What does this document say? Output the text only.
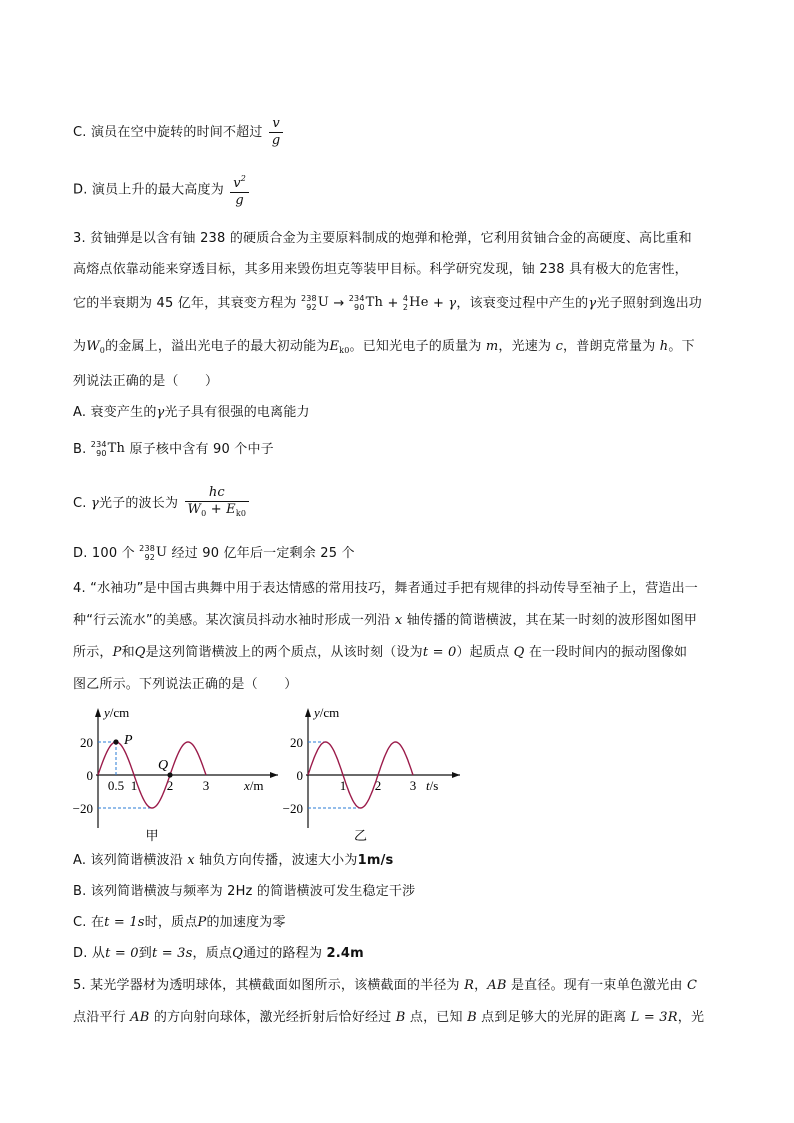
C. 演员在空中旋转的时间不超过 $\frac{v}{g}$
D. 演员上升的最大高度为 $\frac{v^2}{g}$
3. 贫铀弹是以含有铀 238 的硬质合金为主要原料制成的炮弹和枪弹，它利用贫铀合金的高硬度、高比重和
高熔点依靠动能来穿透目标，其多用来毁伤坦克等装甲目标。科学研究发现，铀 238 具有极大的危害性，
它的半衰期为 45 亿年，其衰变方程为 238
92 U → 234
90 Th + 4
2 He + γ，该衰变过程中产生的γ光子照射到逸出功
为$W_0$的金属上，溢出光电子的最大初动能为$E_{k0}$。已知光电子的质量为 m，光速为 c，普朗克常量为 h。下
列说法正确的是（　　）
A. 衰变产生的γ光子具有很强的电离能力
B. 234
90 Th 原子核中含有 90 个中子
C. γ光子的波长为 $\frac{hc}{W_0 + E_{k0}}$
D. 100 个 238
92 U 经过 90 亿年后一定剩余 25 个
4. “水袖功”是中国古典舞中用于表达情感的常用技巧，舞者通过手把有规律的抖动传导至袖子上，营造出一
种“行云流水”的美感。某次演员抖动水袖时形成一列沿 x 轴传播的简谐横波，其在某一时刻的波形图如图甲
所示，P和Q是这列简谐横波上的两个质点，从该时刻（设为t = 0）起质点 Q 在一段时间内的振动图像如
图乙所示。下列说法正确的是（　　）
y/cm
x/m
20
0
−20
0.5 1 2 3
P
Q
甲
y/cm
t/s
20
0
−20
1 2 3
乙
A. 该列简谐横波沿 x 轴负方向传播，波速大小为1m/s
B. 该列简谐横波与频率为 2Hz 的简谐横波可发生稳定干涉
C. 在t = 1s时，质点P的加速度为零
D. 从t = 0到t = 3s，质点Q通过的路程为 2.4m
5. 某光学器材为透明球体，其横截面如图所示，该横截面的半径为 R，AB 是直径。现有一束单色激光由 C
点沿平行 AB 的方向射向球体，激光经折射后恰好经过 B 点，已知 B 点到足够大的光屏的距离 L = 3R，光
